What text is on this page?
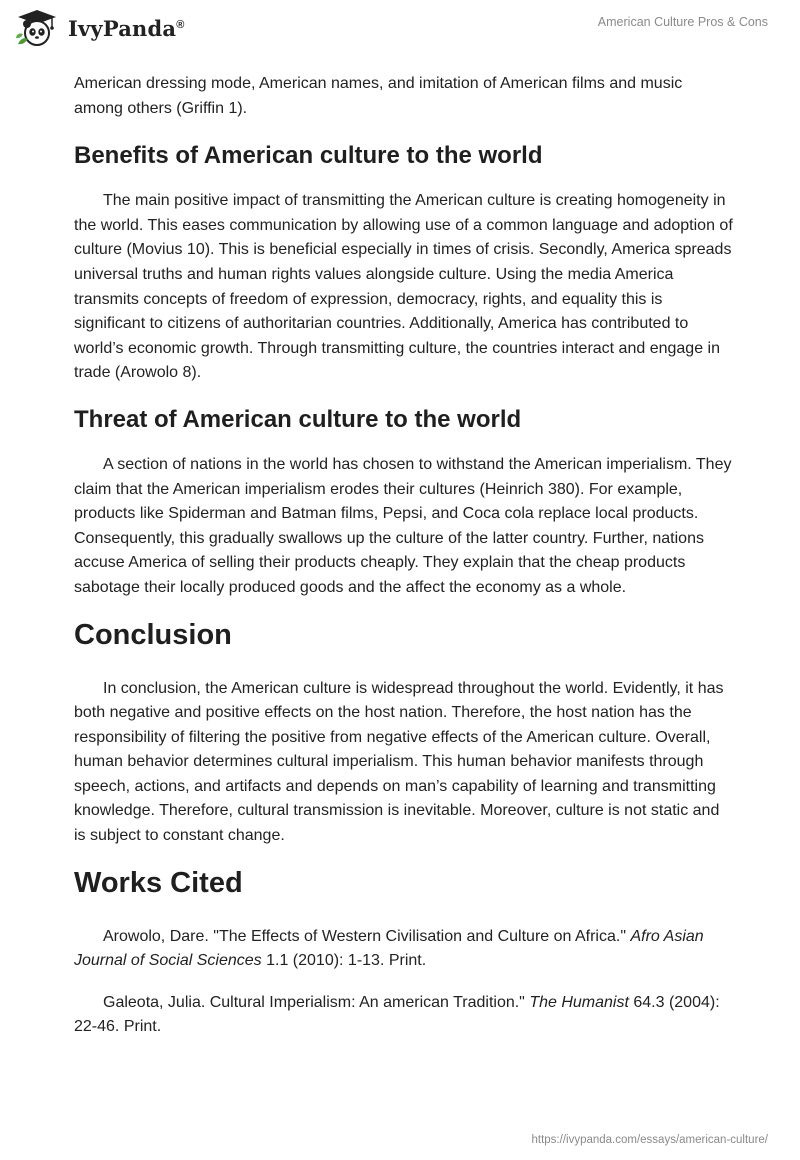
IvyPanda®	American Culture Pros & Cons

American dressing mode, American names, and imitation of American films and music among others (Griffin 1).

Benefits of American culture to the world

The main positive impact of transmitting the American culture is creating homogeneity in the world. This eases communication by allowing use of a common language and adoption of culture (Movius 10). This is beneficial especially in times of crisis. Secondly, America spreads universal truths and human rights values alongside culture. Using the media America transmits concepts of freedom of expression, democracy, rights, and equality this is significant to citizens of authoritarian countries. Additionally, America has contributed to world’s economic growth. Through transmitting culture, the countries interact and engage in trade (Arowolo 8).

Threat of American culture to the world

A section of nations in the world has chosen to withstand the American imperialism. They claim that the American imperialism erodes their cultures (Heinrich 380). For example, products like Spiderman and Batman films, Pepsi, and Coca cola replace local products. Consequently, this gradually swallows up the culture of the latter country. Further, nations accuse America of selling their products cheaply. They explain that the cheap products sabotage their locally produced goods and the affect the economy as a whole.

Conclusion

In conclusion, the American culture is widespread throughout the world. Evidently, it has both negative and positive effects on the host nation. Therefore, the host nation has the responsibility of filtering the positive from negative effects of the American culture. Overall, human behavior determines cultural imperialism. This human behavior manifests through speech, actions, and artifacts and depends on man’s capability of learning and transmitting knowledge. Therefore, cultural transmission is inevitable. Moreover, culture is not static and is subject to constant change.

Works Cited

Arowolo, Dare. "The Effects of Western Civilisation and Culture on Africa." Afro Asian Journal of Social Sciences 1.1 (2010): 1-13. Print.

Galeota, Julia. Cultural Imperialism: An american Tradition." The Humanist 64.3 (2004): 22-46. Print.

https://ivypanda.com/essays/american-culture/
